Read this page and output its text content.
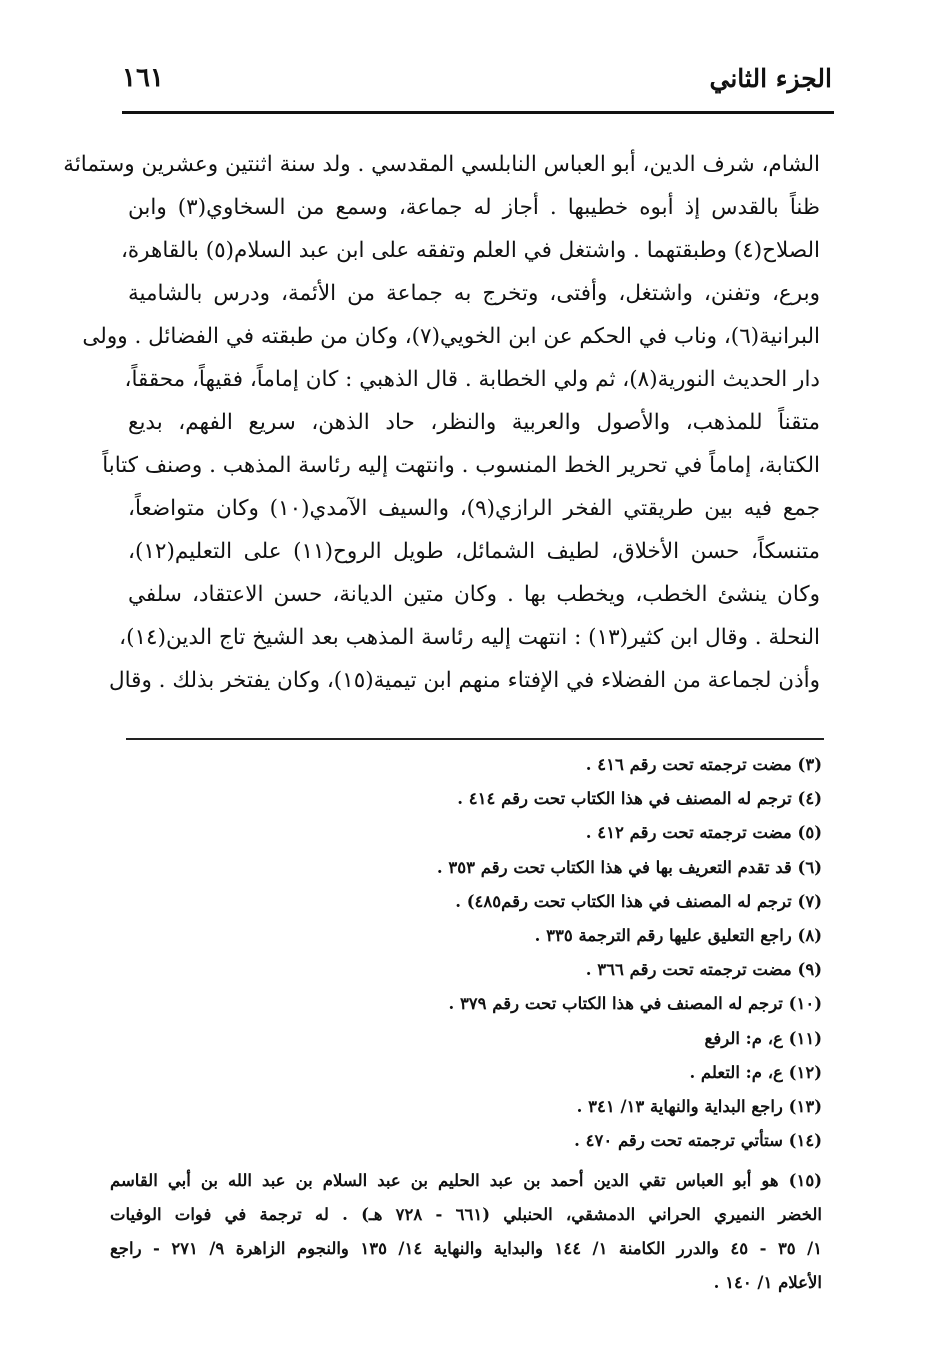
الجزء الثاني
١٦١
الشام، شرف الدين، أبو العباس النابلسي المقدسي . ولد سنة اثنتين وعشرين وستمائة
ظناً بالقدس إذ أبوه خطيبها . أجاز له جماعة، وسمع من السخاوي(٣) وابن
الصلاح(٤) وطبقتهما . واشتغل في العلم وتفقه على ابن عبد السلام(٥) بالقاهرة،
وبرع، وتفنن، واشتغل، وأفتى، وتخرج به جماعة من الأئمة، ودرس بالشامية
البرانية(٦)، وناب في الحكم عن ابن الخويي(٧)، وكان من طبقته في الفضائل . وولى
دار الحديث النورية(٨)، ثم ولي الخطابة . قال الذهبي : كان إماماً، فقيهاً، محققاً،
متقناً للمذهب، والأصول والعربية والنظر، حاد الذهن، سريع الفهم، بديع
الكتابة، إماماً في تحرير الخط المنسوب . وانتهت إليه رئاسة المذهب . وصنف كتاباً
جمع فيه بين طريقتي الفخر الرازي(٩)، والسيف الآمدي(١٠) وكان متواضعاً،
متنسكاً، حسن الأخلاق، لطيف الشمائل، طويل الروح(١١) على التعليم(١٢)،
وكان ينشئ الخطب، ويخطب بها . وكان متين الديانة، حسن الاعتقاد، سلفي
النحلة . وقال ابن كثير(١٣) : انتهت إليه رئاسة المذهب بعد الشيخ تاج الدين(١٤)،
وأذن لجماعة من الفضلاء في الإفتاء منهم ابن تيمية(١٥)، وكان يفتخر بذلك . وقال
(٣) مضت ترجمته تحت رقم ٤١٦ .
(٤) ترجم له المصنف في هذا الكتاب تحت رقم ٤١٤ .
(٥) مضت ترجمته تحت رقم ٤١٢ .
(٦) قد تقدم التعريف بها في هذا الكتاب تحت رقم ٣٥٣ .
(٧) ترجم له المصنف في هذا الكتاب تحت رقم٤٨٥) .
(٨) راجع التعليق عليها رقم الترجمة ٣٣٥ .
(٩) مضت ترجمته تحت رقم ٣٦٦ .
(١٠) ترجم له المصنف في هذا الكتاب تحت رقم ٣٧٩ .
(١١) ع، م: الرفع
(١٢) ع، م: التعلم .
(١٣) راجع البداية والنهاية ١٣/ ٣٤١ .
(١٤) ستأتي ترجمته تحت رقم ٤٧٠ .
(١٥) هو أبو العباس تقي الدين أحمد بن عبد الحليم بن عبد السلام بن عبد الله بن أبي القاسم
الخضر النميري الحراني الدمشقي، الحنبلي (٦٦١ - ٧٢٨ هـ) . له ترجمة في فوات الوفيات
١/ ٣٥ - ٤٥ والدرر الكامنة ١/ ١٤٤ والبداية والنهاية ١٤/ ١٣٥ والنجوم الزاهرة ٩/ ٢٧١ - راجع
الأعلام ١/ ١٤٠ .
